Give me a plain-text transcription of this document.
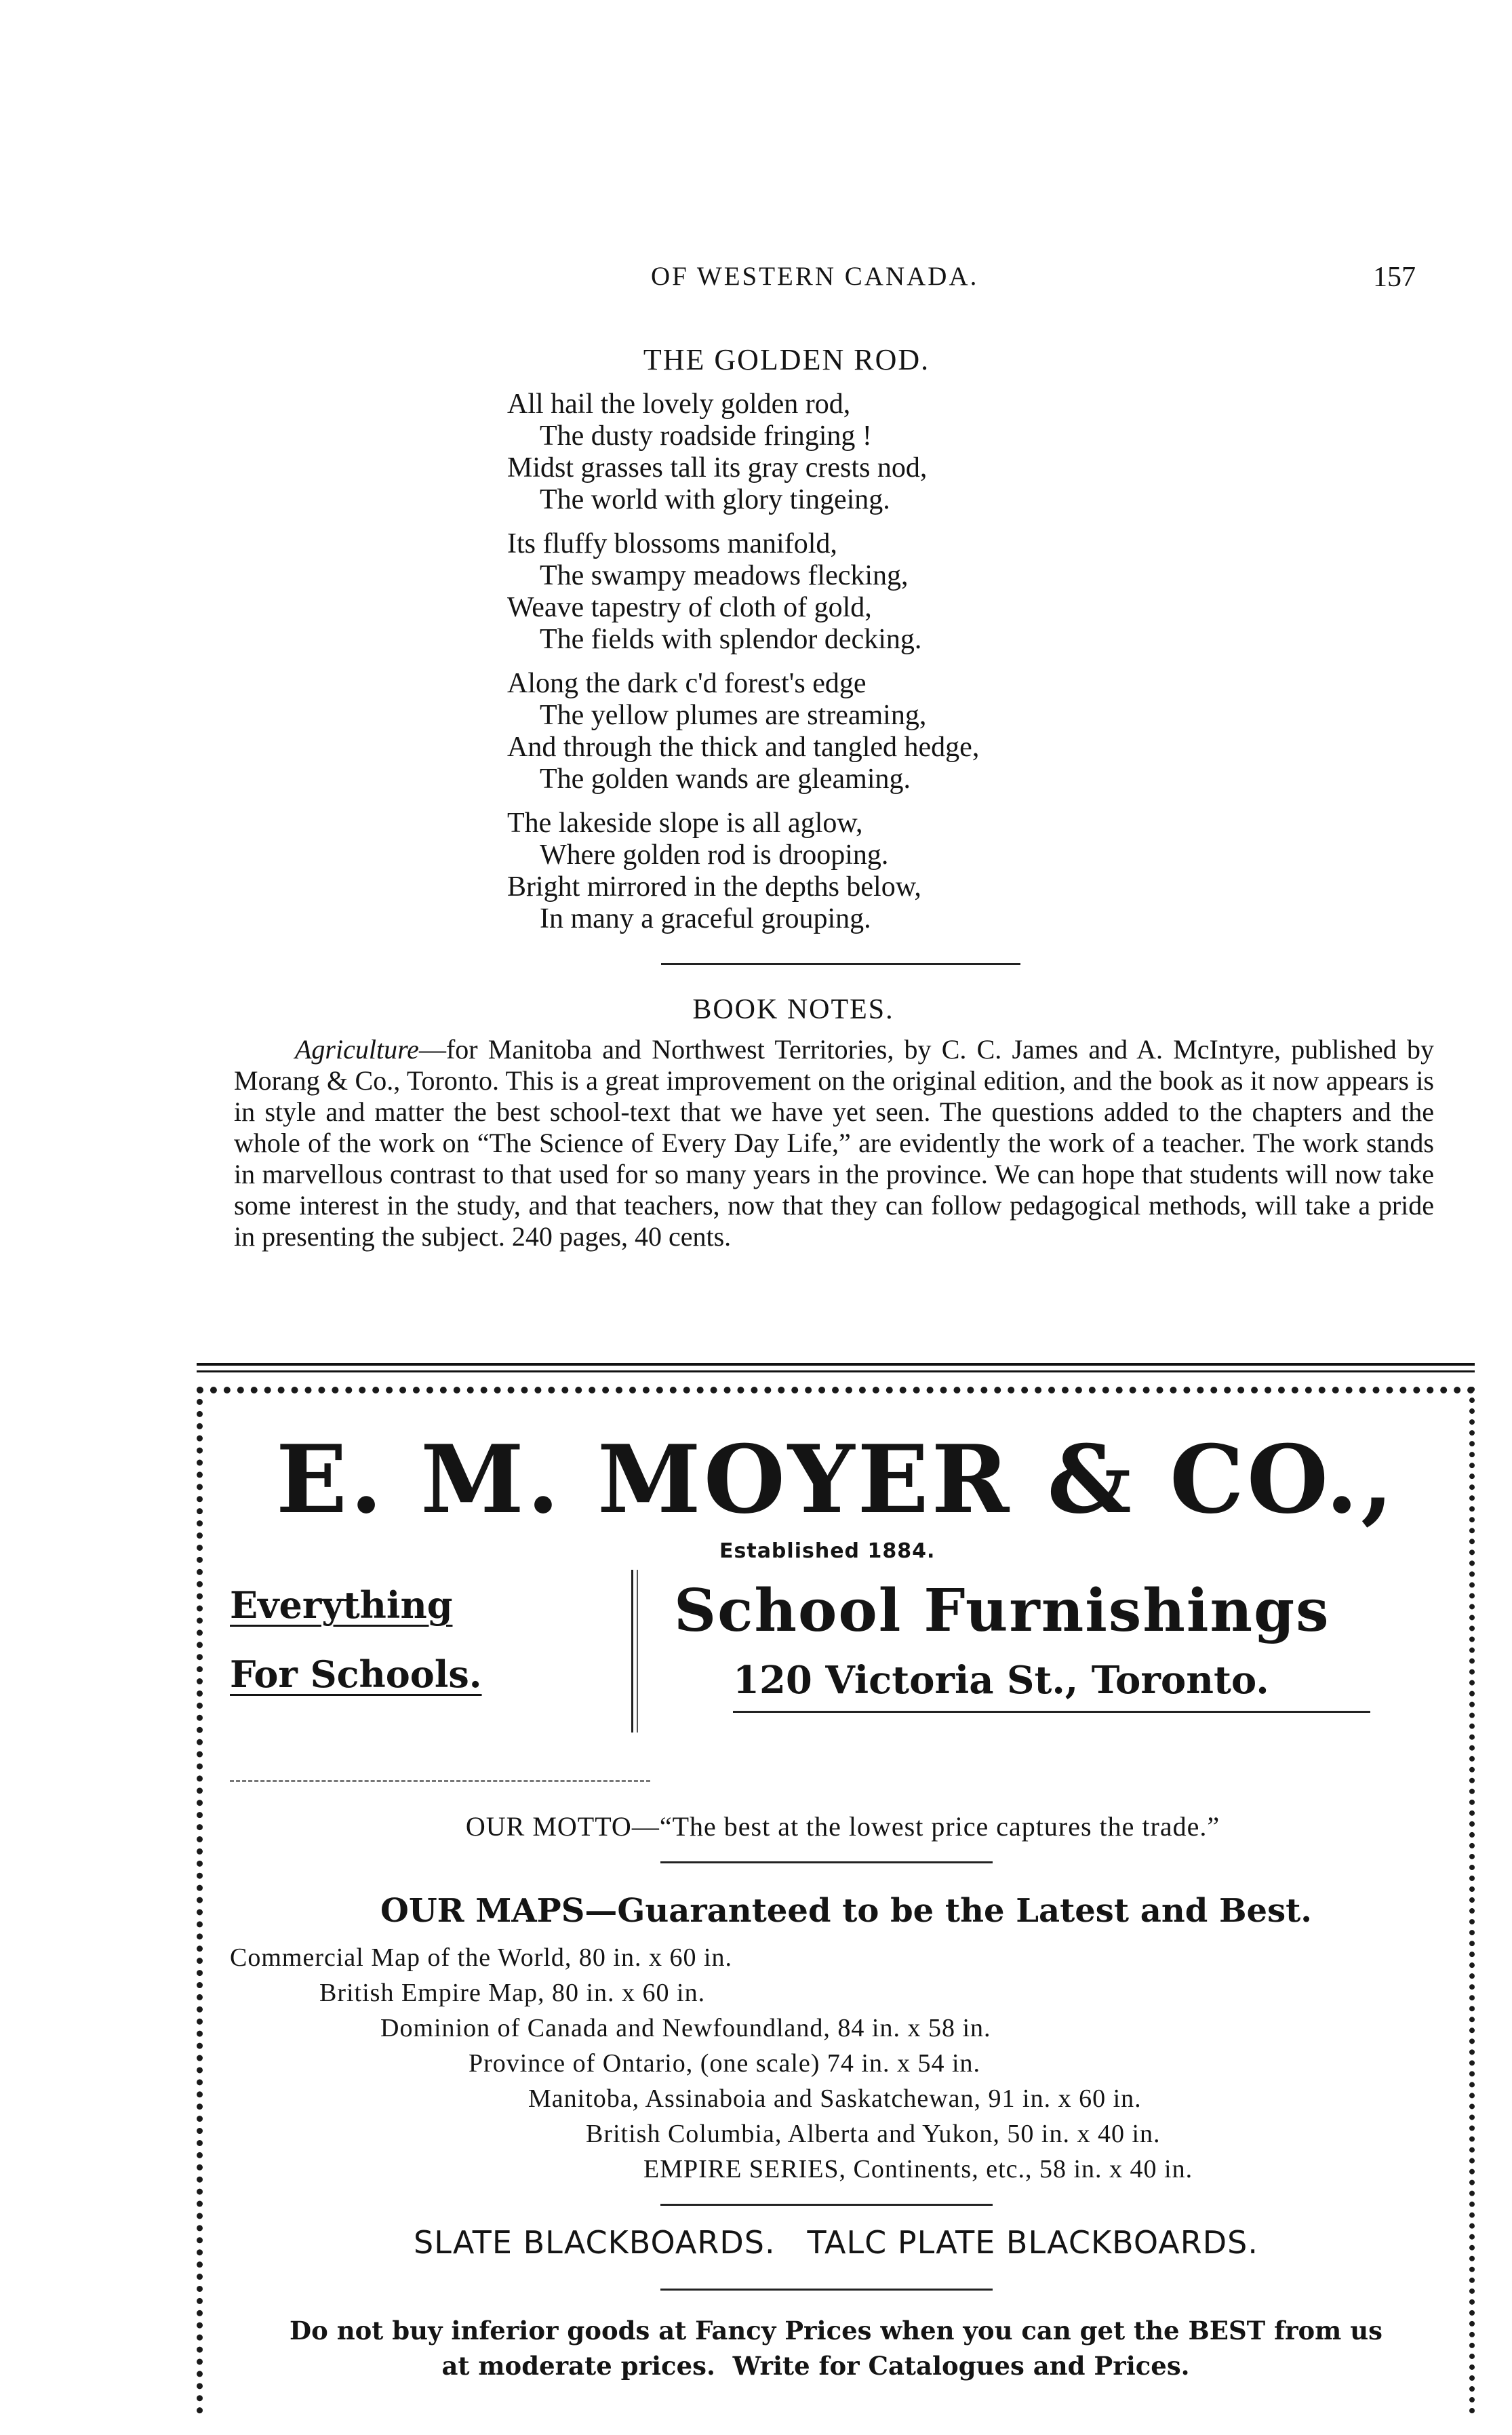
OF WESTERN CANADA.	157
THE GOLDEN ROD.
All hail the lovely golden rod,
The dusty roadside fringing !
Midst grasses tall its gray crests nod,
The world with glory tingeing.
Its fluffy blossoms manifold,
The swampy meadows flecking,
Weave tapestry of cloth of gold,
The fields with splendor decking.
Along the dark c'd forest's edge
The yellow plumes are streaming,
And through the thick and tangled hedge,
The golden wands are gleaming.
The lakeside slope is all aglow,
Where golden rod is drooping.
Bright mirrored in the depths below,
In many a graceful grouping.
BOOK NOTES.

Agriculture—for Manitoba and Northwest Territories, by C. C. James and A. McIntyre, published by Morang & Co., Toronto. This is a great improvement on the original edition, and the book as it now appears is in style and matter the best school-text that we have yet seen. The questions added to the chapters and the whole of the work on “The Science of Every Day Life,” are evidently the work of a teacher. The work stands in marvellous contrast to that used for so many years in the province. We can hope that students will now take some interest in the study, and that teachers, now that they can follow pedagogical methods, will take a pride in presenting the subject. 240 pages, 40 cents.

E. M. MOYER & CO.,
Established 1884.
Everything
For Schools.
School Furnishings
120 Victoria St., Toronto.
OUR MOTTO—“The best at the lowest price captures the trade.”
OUR MAPS—Guaranteed to be the Latest and Best.
Commercial Map of the World, 80 in. x 60 in.
British Empire Map, 80 in. x 60 in.
Dominion of Canada and Newfoundland, 84 in. x 58 in.
Province of Ontario, (one scale) 74 in. x 54 in.
Manitoba, Assinaboia and Saskatchewan, 91 in. x 60 in.
British Columbia, Alberta and Yukon, 50 in. x 40 in.
EMPIRE SERIES, Continents, etc., 58 in. x 40 in.
SLATE BLACKBOARDS.   TALC PLATE BLACKBOARDS.
Do not buy inferior goods at Fancy Prices when you can get the BEST from us
at moderate prices.  Write for Catalogues and Prices.
